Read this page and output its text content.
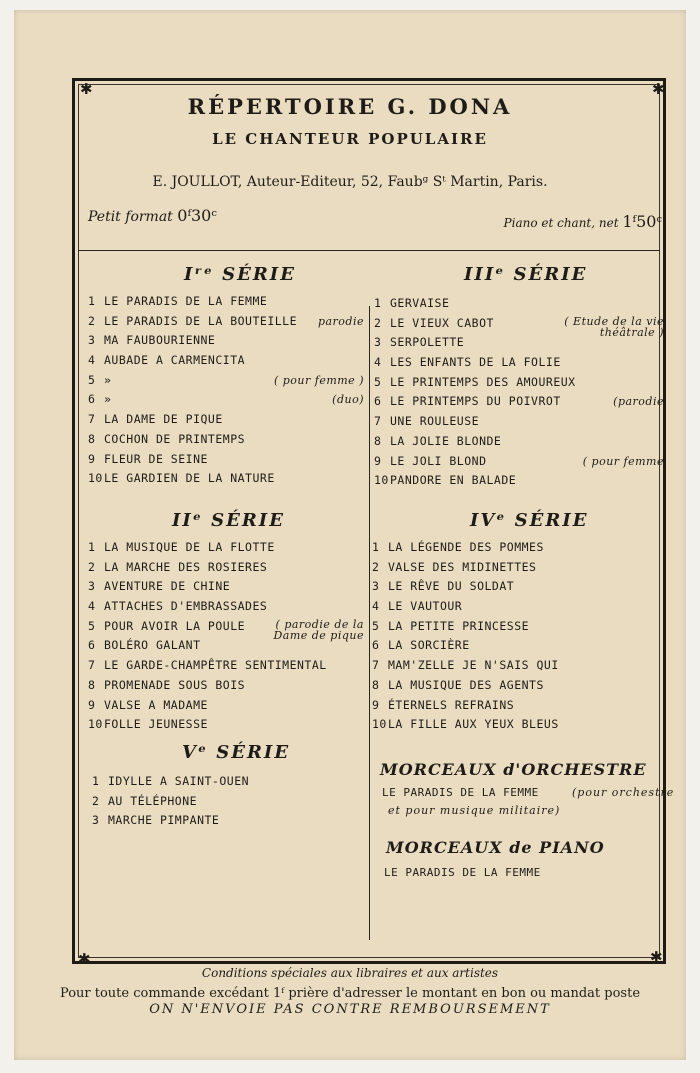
✱	✱
✱	✱
RÉPERTOIRE G. DONA
LE CHANTEUR POPULAIRE
E. JOULLOT, Auteur-Editeur, 52, Faubᵍ Sᵗ Martin, Paris.
Petit format 0ᶠ30ᶜ	Piano et chant, net 1ᶠ50ᶜ
Iʳᵉ SÉRIE
1 LE PARADIS DE LA FEMME
2 LE PARADIS DE LA BOUTEILLE parodie
3 MA FAUBOURIENNE
4 AUBADE A CARMENCITA
5 »	( pour femme )
6 »	(duo)
7 LA DAME DE PIQUE
8 COCHON DE PRINTEMPS
9 FLEUR DE SEINE
10LE GARDIEN DE LA NATURE
IIᵉ SÉRIE
1 LA MUSIQUE DE LA FLOTTE
2 LA MARCHE DES ROSIERES
3 AVENTURE DE CHINE
4 ATTACHES D'EMBRASSADES
5 POUR AVOIR LA POULE	( parodie de la Dame de pique
6 BOLÉRO GALANT
7 LE GARDE-CHAMPÊTRE SENTIMENTAL
8 PROMENADE SOUS BOIS
9 VALSE A MADAME
10FOLLE JEUNESSE
Vᵉ SÉRIE
1 IDYLLE A SAINT-OUEN
2 AU TÉLÉPHONE
3 MARCHE PIMPANTE
IIIᵉ SÉRIE
1 GERVAISE
2 LE VIEUX CABOT	( Etude de la vie théâtrale )
3 SERPOLETTE
4 LES ENFANTS DE LA FOLIE
5 LE PRINTEMPS DES AMOUREUX
6 LE PRINTEMPS DU POIVROT	(parodie
7 UNE ROULEUSE
8 LA JOLIE BLONDE
9 LE JOLI BLOND	( pour femme
10PANDORE EN BALADE
IVᵉ SÉRIE
1 LA LÉGENDE DES POMMES
2 VALSE DES MIDINETTES
3 LE RÊVE DU SOLDAT
4 LE VAUTOUR
5 LA PETITE PRINCESSE
6 LA SORCIÈRE
7 MAM'ZELLE JE N'SAIS QUI
8 LA MUSIQUE DES AGENTS
9 ÉTERNELS REFRAINS
10LA FILLE AUX YEUX BLEUS
MORCEAUX d'ORCHESTRE
LE PARADIS DE LA FEMME	(pour orchestre
et pour musique militaire)
MORCEAUX de PIANO
LE PARADIS DE LA FEMME
Conditions spéciales aux libraires et aux artistes
Pour toute commande excédant 1ᶠ prière d'adresser le montant en bon ou mandat poste
ON N'ENVOIE PAS CONTRE REMBOURSEMENT
